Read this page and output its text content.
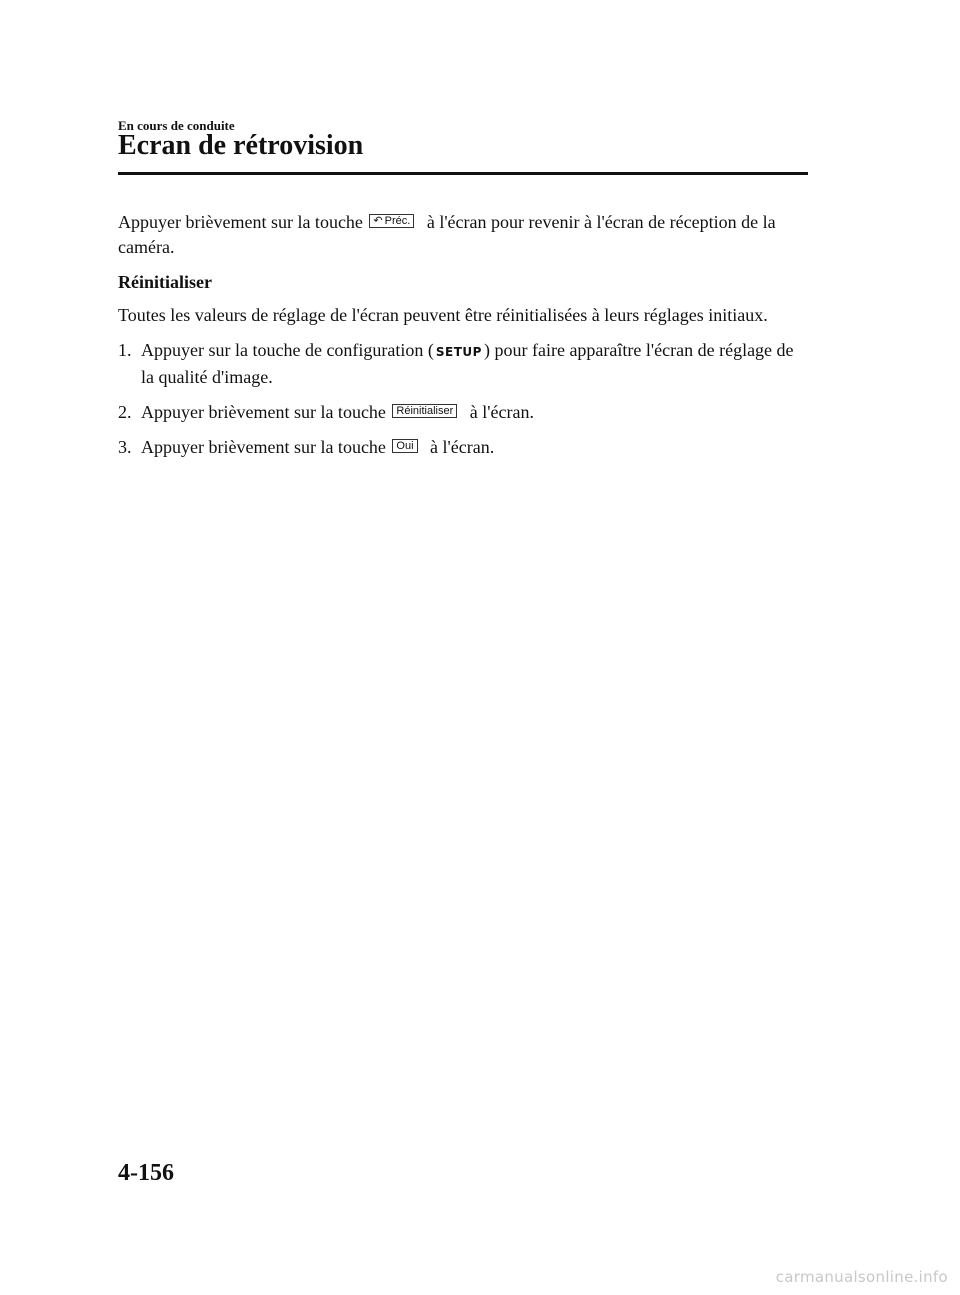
En cours de conduite
Ecran de rétrovision

Appuyer brièvement sur la touche ↶ Préc. à l'écran pour revenir à l'écran de réception de la caméra.

Réinitialiser

Toutes les valeurs de réglage de l'écran peuvent être réinitialisées à leurs réglages initiaux.

1. Appuyer sur la touche de configuration ( SETUP ) pour faire apparaître l'écran de réglage de la qualité d'image.
2. Appuyer brièvement sur la touche Réinitialiser à l'écran.
3. Appuyer brièvement sur la touche Oui à l'écran.
4-156
carmanualsonline.info
